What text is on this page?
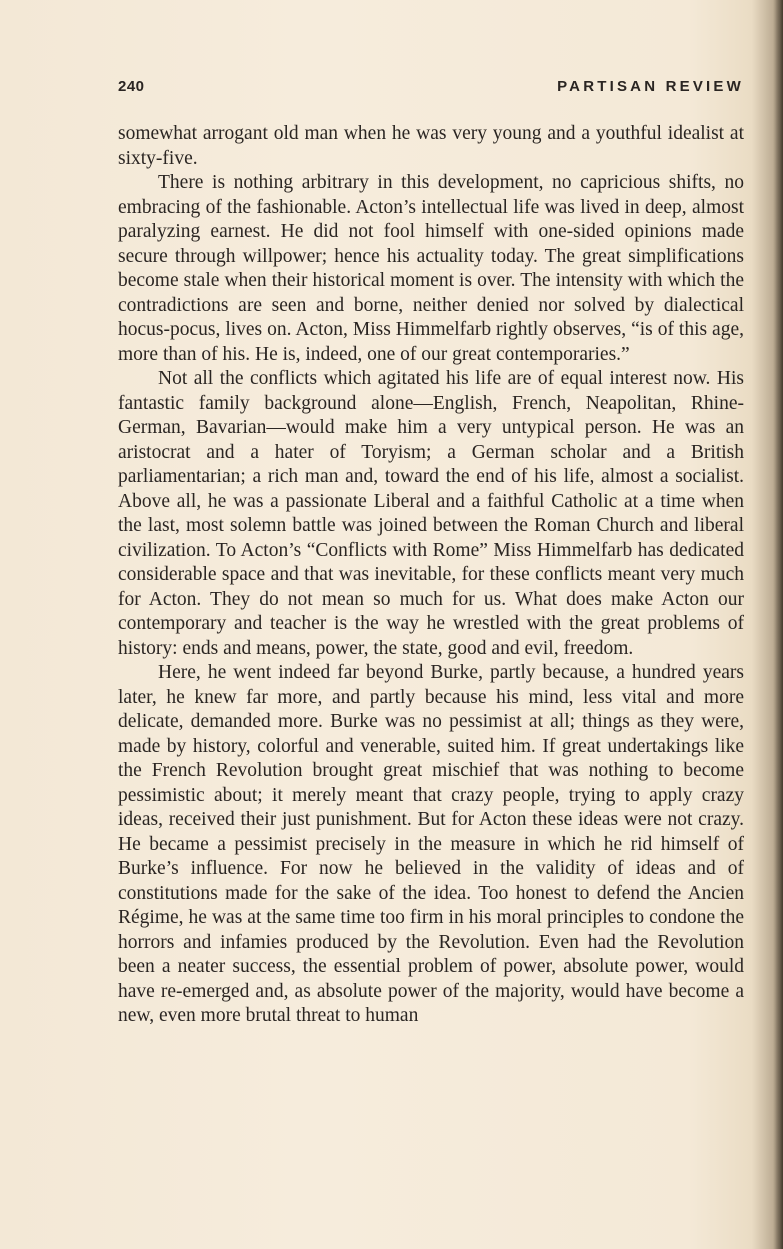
240	PARTISAN REVIEW

somewhat arrogant old man when he was very young and a youthful idealist at sixty-five.

There is nothing arbitrary in this development, no capricious shifts, no embracing of the fashionable. Acton’s intellectual life was lived in deep, almost paralyzing earnest. He did not fool himself with one-sided opinions made secure through willpower; hence his actuality today. The great simplifications become stale when their historical moment is over. The intensity with which the contradictions are seen and borne, neither denied nor solved by dialectical hocus-pocus, lives on. Acton, Miss Himmelfarb rightly observes, “is of this age, more than of his. He is, indeed, one of our great contemporaries.”

Not all the conflicts which agitated his life are of equal interest now. His fantastic family background alone—English, French, Neapolitan, Rhine-German, Bavarian—would make him a very untypical person. He was an aristocrat and a hater of Toryism; a German scholar and a British parliamentarian; a rich man and, toward the end of his life, almost a socialist. Above all, he was a passionate Liberal and a faithful Catholic at a time when the last, most solemn battle was joined between the Roman Church and liberal civilization. To Acton’s “Conflicts with Rome” Miss Himmelfarb has dedicated considerable space and that was inevitable, for these conflicts meant very much for Acton. They do not mean so much for us. What does make Acton our contemporary and teacher is the way he wrestled with the great problems of history: ends and means, power, the state, good and evil, freedom.

Here, he went indeed far beyond Burke, partly because, a hundred years later, he knew far more, and partly because his mind, less vital and more delicate, demanded more. Burke was no pessimist at all; things as they were, made by history, colorful and venerable, suited him. If great undertakings like the French Revolution brought great mischief that was nothing to become pessimistic about; it merely meant that crazy people, trying to apply crazy ideas, received their just punishment. But for Acton these ideas were not crazy. He became a pessimist precisely in the measure in which he rid himself of Burke’s influence. For now he believed in the validity of ideas and of constitutions made for the sake of the idea. Too honest to defend the Ancien Régime, he was at the same time too firm in his moral principles to condone the horrors and infamies produced by the Revolution. Even had the Revolution been a neater success, the essential problem of power, absolute power, would have re-emerged and, as absolute power of the majority, would have become a new, even more brutal threat to human
